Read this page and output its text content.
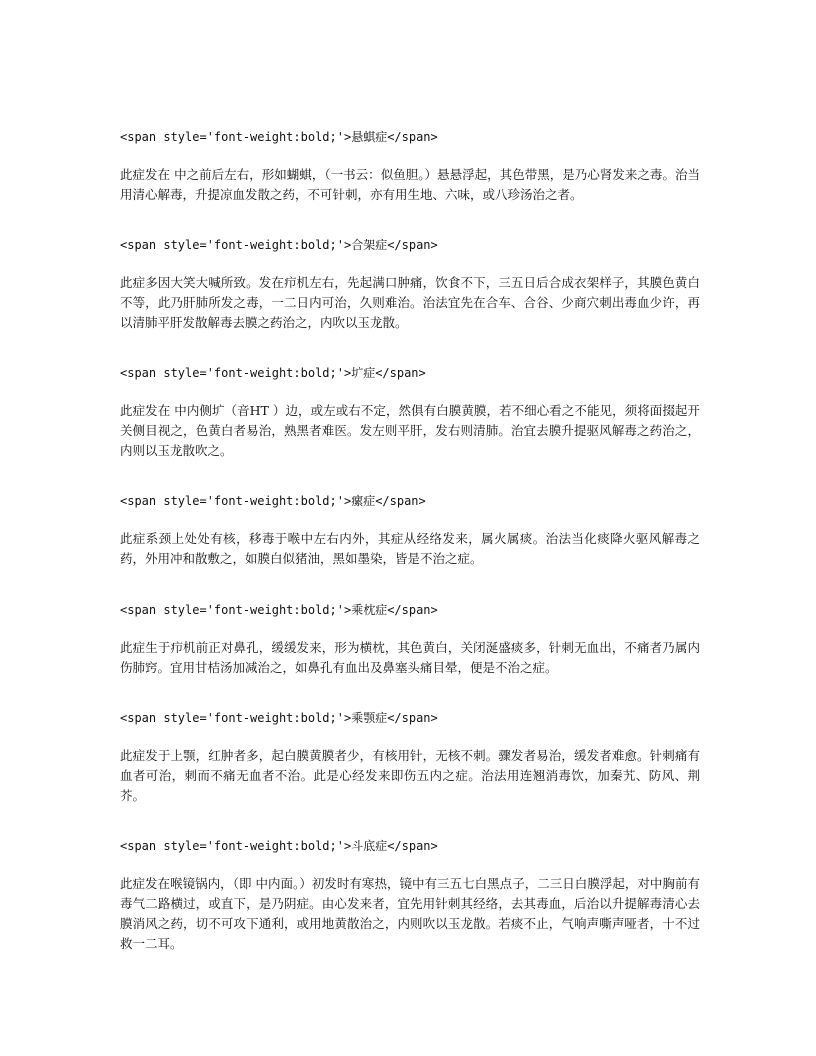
<span style='font-weight:bold;'>悬蜞症</span>

此症发在 中之前后左右，形如蝴蜞，（一书云：似鱼胆。）悬悬浮起，其色带黑，是乃心肾发来之毒。治当用清心解毒，升提凉血发散之药，不可针刺，亦有用生地、六味，或八珍汤治之者。

<span style='font-weight:bold;'>合架症</span>

此症多因大笑大喊所致。发在疖机左右，先起满口肿痛，饮食不下，三五日后合成衣架样子，其膜色黄白不等，此乃肝肺所发之毒，一二日内可治，久则难治。治法宜先在合车、合谷、少商穴刺出毒血少许，再以清肺平肝发散解毒去膜之药治之，内吹以玉龙散。

<span style='font-weight:bold;'>圹症</span>

此症发在 中内侧圹（音HT ）边，或左或右不定，然俱有白膜黄膜，若不细心看之不能见，须将面掇起开关侧目视之，色黄白者易治，熟黑者难医。发左则平肝，发右则清肺。治宜去膜升提驱风解毒之药治之，内则以玉龙散吹之。

<span style='font-weight:bold;'>瘰症</span>

此症系颈上处处有核，移毒于喉中左右内外，其症从经络发来，属火属痰。治法当化痰降火驱风解毒之药，外用冲和散敷之，如膜白似猪油，黑如墨染，皆是不治之症。

<span style='font-weight:bold;'>乘枕症</span>

此症生于疖机前正对鼻孔，缓缓发来，形为横枕，其色黄白，关闭涎盛痰多，针刺无血出，不痛者乃属内伤肺窍。宜用甘桔汤加减治之，如鼻孔有血出及鼻塞头痛目晕，便是不治之症。

<span style='font-weight:bold;'>乘颚症</span>

此症发于上颚，红肿者多，起白膜黄膜者少，有核用针，无核不刺。骤发者易治，缓发者难愈。针刺痛有血者可治，刺而不痛无血者不治。此是心经发来即伤五内之症。治法用连翘消毒饮，加秦艽、防风、荆芥。

<span style='font-weight:bold;'>斗底症</span>

此症发在喉镜锅内，（即 中内面。）初发时有寒热，镜中有三五七白黑点子，二三日白膜浮起，对中胸前有毒气二路横过，或直下，是乃阴症。由心发来者，宜先用针刺其经络，去其毒血，后治以升提解毒清心去膜消风之药，切不可攻下通利，或用地黄散治之，内则吹以玉龙散。若痰不止，气响声嘶声哑者，十不过救一二耳。
